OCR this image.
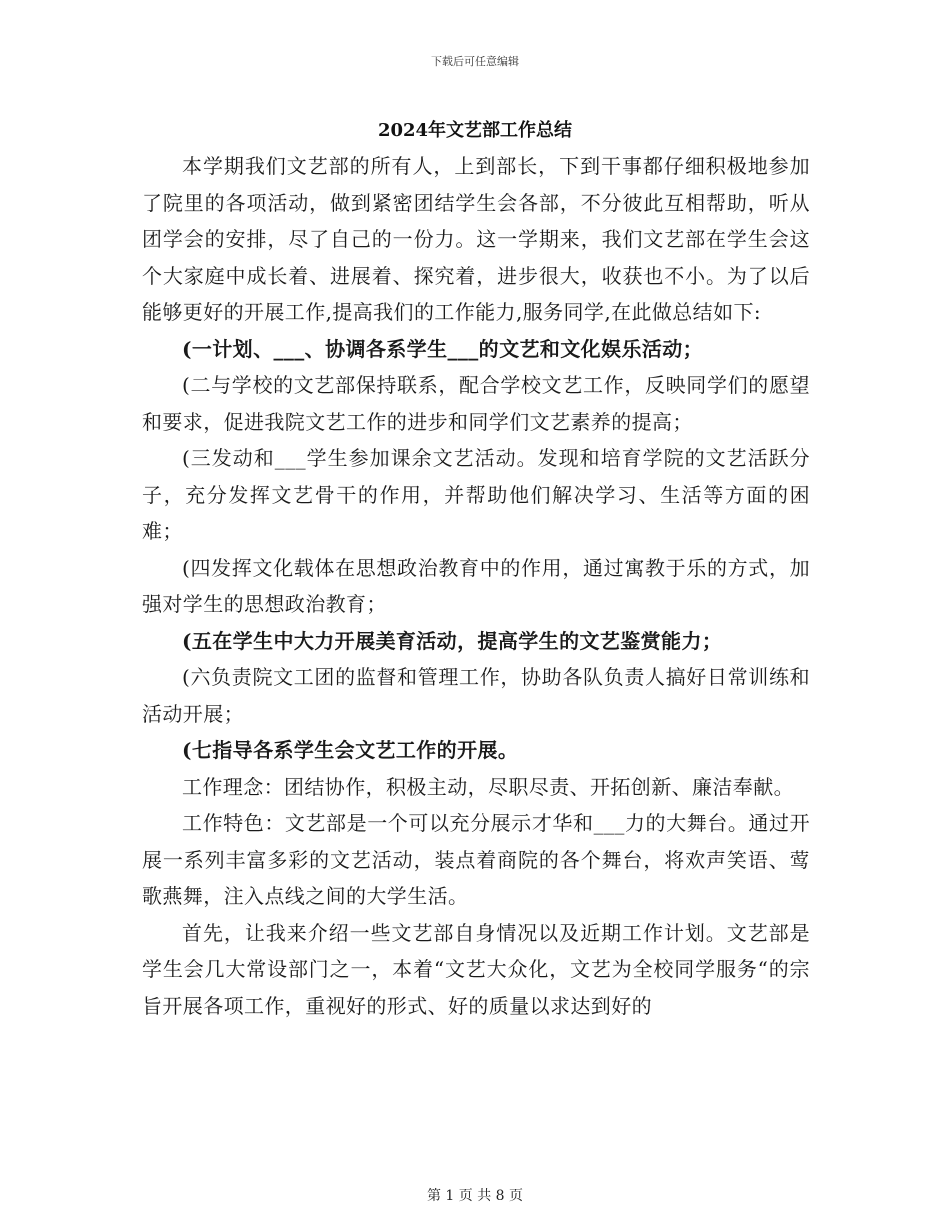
下载后可任意编辑
2024年文艺部工作总结

本学期我们文艺部的所有人，上到部长，下到干事都仔细积极地参加了院里的各项活动，做到紧密团结学生会各部，不分彼此互相帮助，听从团学会的安排，尽了自己的一份力。这一学期来，我们文艺部在学生会这个大家庭中成长着、进展着、探究着，进步很大，收获也不小。为了以后能够更好的开展工作,提高我们的工作能力,服务同学,在此做总结如下:

(一计划、___、协调各系学生___的文艺和文化娱乐活动；

(二与学校的文艺部保持联系，配合学校文艺工作，反映同学们的愿望和要求，促进我院文艺工作的进步和同学们文艺素养的提高；

(三发动和___学生参加课余文艺活动。发现和培育学院的文艺活跃分子，充分发挥文艺骨干的作用，并帮助他们解决学习、生活等方面的困难；

(四发挥文化载体在思想政治教育中的作用，通过寓教于乐的方式，加强对学生的思想政治教育；

(五在学生中大力开展美育活动，提高学生的文艺鉴赏能力；

(六负责院文工团的监督和管理工作，协助各队负责人搞好日常训练和活动开展；

(七指导各系学生会文艺工作的开展。

工作理念：团结协作，积极主动，尽职尽责、开拓创新、廉洁奉献。

工作特色：文艺部是一个可以充分展示才华和___力的大舞台。通过开展一系列丰富多彩的文艺活动，装点着商院的各个舞台，将欢声笑语、莺歌燕舞，注入点线之间的大学生活。

首先，让我来介绍一些文艺部自身情况以及近期工作计划。文艺部是学生会几大常设部门之一，本着“文艺大众化，文艺为全校同学服务“的宗旨开展各项工作，重视好的形式、好的质量以求达到好的

第 1 页 共 8 页
